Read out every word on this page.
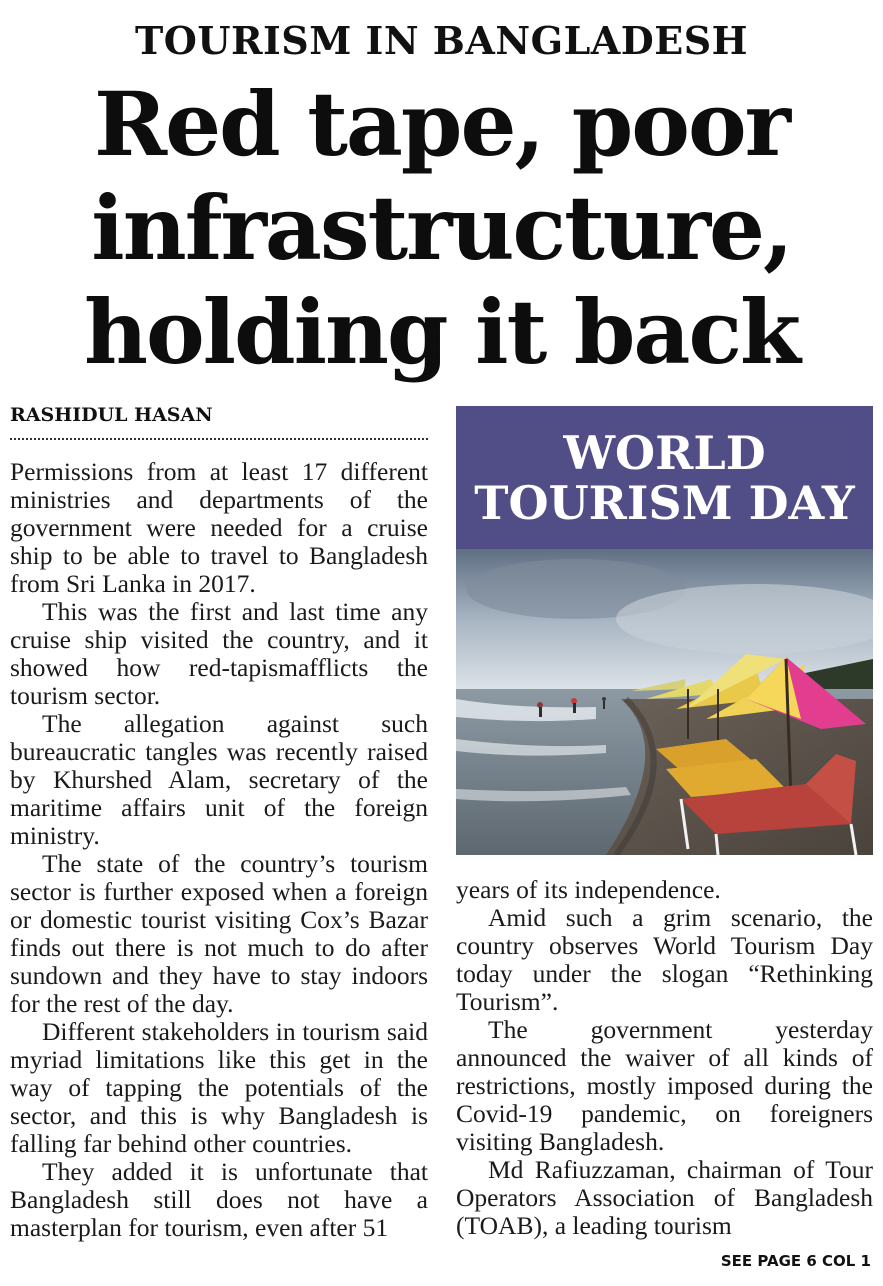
TOURISM IN BANGLADESH
Red tape, poor infrastructure, holding it back
RASHIDUL HASAN

Permissions from at least 17 different ministries and departments of the government were needed for a cruise ship to be able to travel to Bangladesh from Sri Lanka in 2017.

This was the first and last time any cruise ship visited the country, and it showed how red-tapismafflicts the tourism sector.

The allegation against such bureaucratic tangles was recently raised by Khurshed Alam, secretary of the maritime affairs unit of the foreign ministry.

The state of the country’s tourism sector is further exposed when a foreign or domestic tourist visiting Cox’s Bazar finds out there is not much to do after sundown and they have to stay indoors for the rest of the day.

Different stakeholders in tourism said myriad limitations like this get in the way of tapping the potentials of the sector, and this is why Bangladesh is falling far behind other countries.

They added it is unfortunate that Bangladesh still does not have a masterplan for tourism, even after 51

WORLD
TOURISM DAY

years of its independence.

Amid such a grim scenario, the country observes World Tourism Day today under the slogan “Rethinking Tourism”.

The government yesterday announced the waiver of all kinds of restrictions, mostly imposed during the Covid-19 pandemic, on foreigners visiting Bangladesh.

Md Rafiuzzaman, chairman of Tour Operators Association of Bangladesh (TOAB), a leading tourism

SEE PAGE 6 COL 1
